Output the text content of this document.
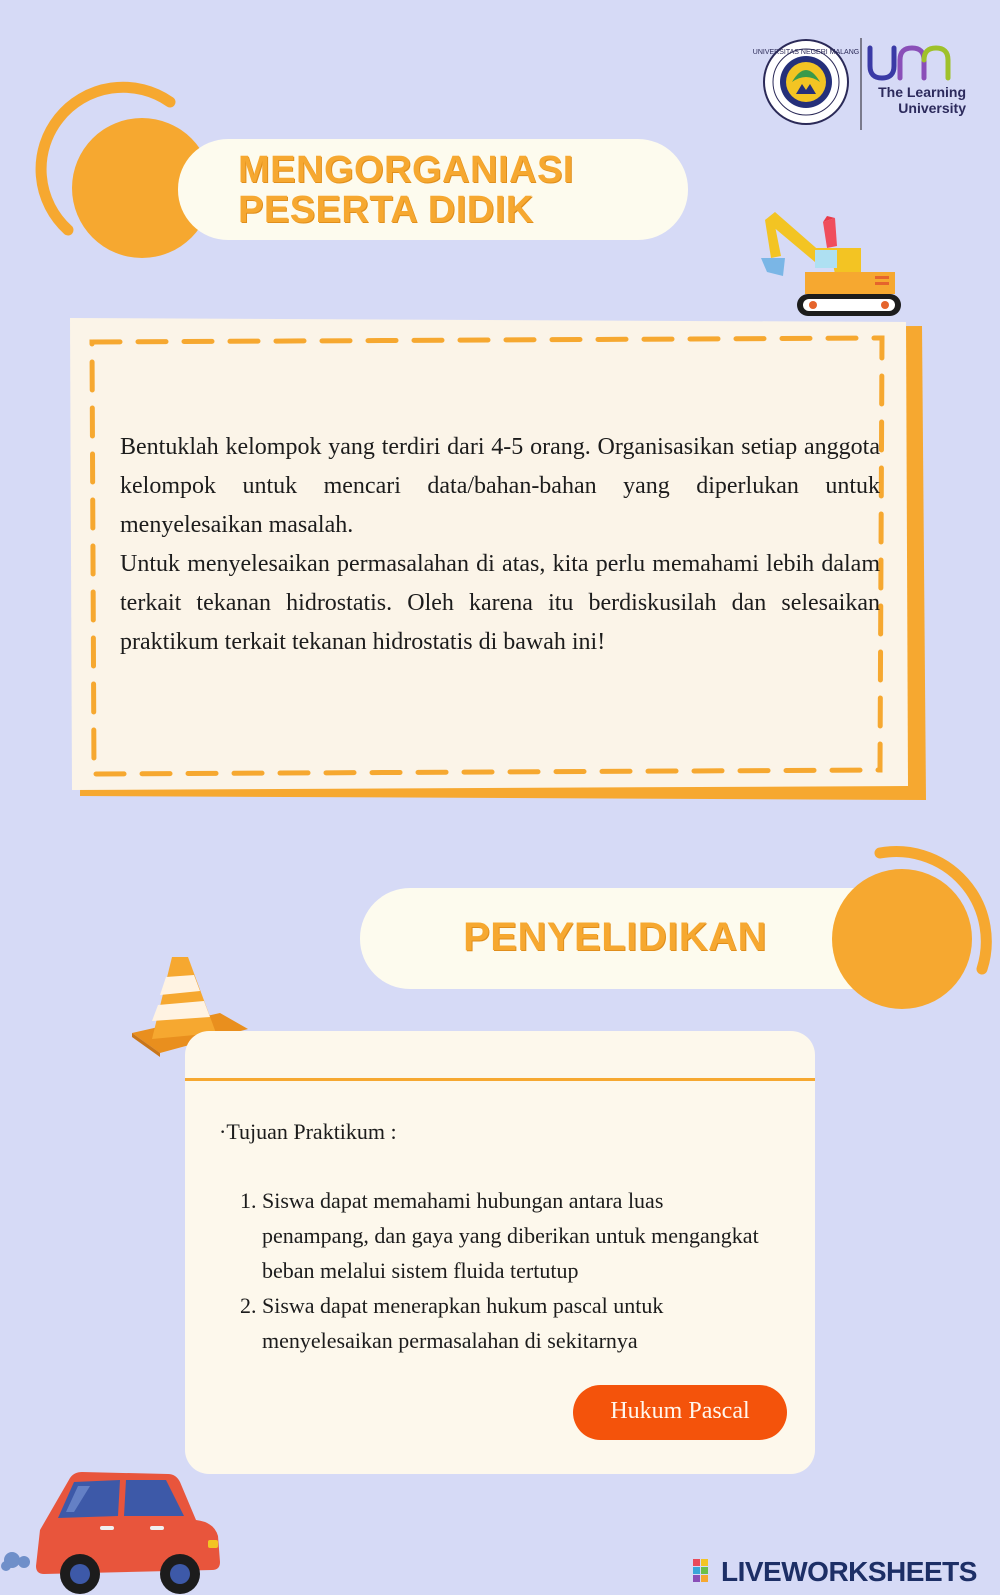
UNIVERSITAS NEGERI MALANG
UM	The Learning
University
MENGORGANIASI
PESERTA DIDIK

Bentuklah kelompok yang terdiri dari 4-5 orang. Organisasikan setiap anggota kelompok untuk mencari data/bahan-bahan yang diperlukan untuk menyelesaikan masalah.

Untuk menyelesaikan permasalahan di atas, kita perlu memahami lebih dalam terkait tekanan hidrostatis. Oleh karena itu berdiskusilah dan selesaikan praktikum terkait tekanan hidrostatis di bawah ini!

PENYELIDIKAN
·Tujuan Praktikum :
1. Siswa dapat memahami hubungan antara luas penampang, dan gaya yang diberikan untuk mengangkat beban melalui sistem fluida tertutup
2. Siswa dapat menerapkan hukum pascal untuk menyelesaikan permasalahan di sekitarnya
Hukum Pascal
LIVEWORKSHEETS
